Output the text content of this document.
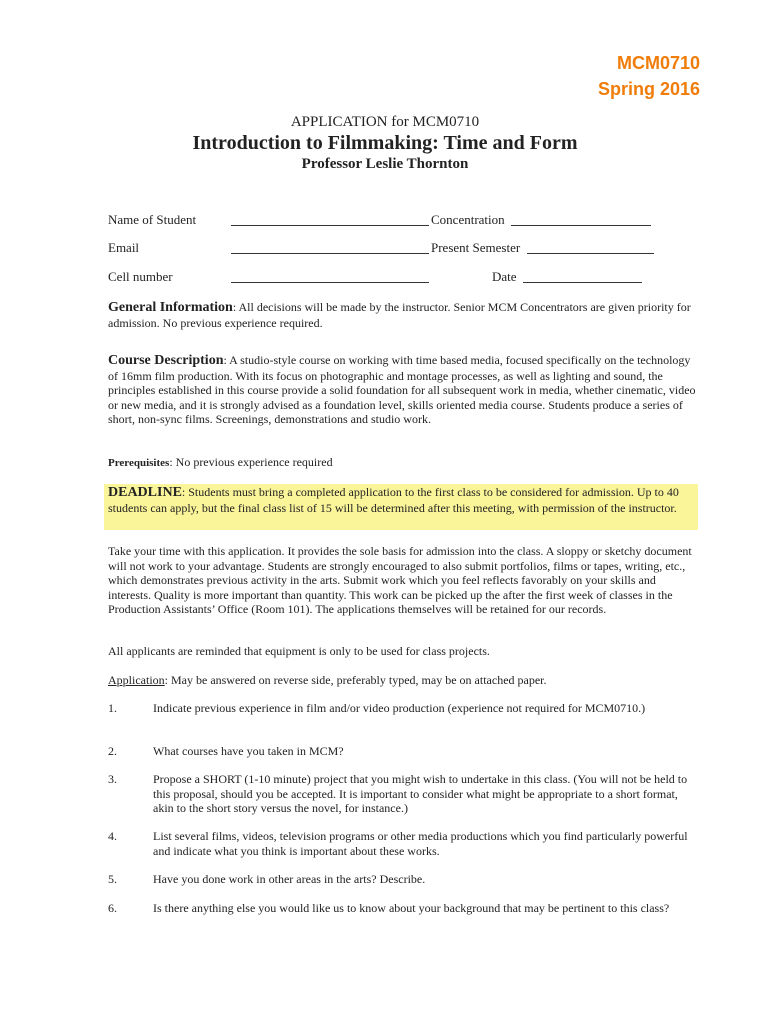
MCM0710
Spring 2016
APPLICATION for MCM0710
Introduction to Filmmaking: Time and Form
Professor Leslie Thornton
Name of Student	Concentration
Email	Present Semester
Cell number	Date
General Information: All decisions will be made by the instructor. Senior MCM Concentrators are given priority for admission. No previous experience required.
Course Description: A studio-style course on working with time based media, focused specifically on the technology of 16mm film production. With its focus on photographic and montage processes, as well as lighting and sound, the principles established in this course provide a solid foundation for all subsequent work in media, whether cinematic, video or new media, and it is strongly advised as a foundation level, skills oriented media course. Students produce a series of short, non-sync films. Screenings, demonstrations and studio work.
Prerequisites: No previous experience required
DEADLINE: Students must bring a completed application to the first class to be considered for admission. Up to 40 students can apply, but the final class list of 15 will be determined after this meeting, with permission of the instructor.
Take your time with this application. It provides the sole basis for admission into the class. A sloppy or sketchy document will not work to your advantage. Students are strongly encouraged to also submit portfolios, films or tapes, writing, etc., which demonstrates previous activity in the arts. Submit work which you feel reflects favorably on your skills and interests. Quality is more important than quantity. This work can be picked up the after the first week of classes in the Production Assistants’ Office (Room 101). The applications themselves will be retained for our records.
All applicants are reminded that equipment is only to be used for class projects.
Application: May be answered on reverse side, preferably typed, may be on attached paper.
1.	Indicate previous experience in film and/or video production (experience not required for MCM0710.)
2.	What courses have you taken in MCM?
3.	Propose a SHORT (1-10 minute) project that you might wish to undertake in this class. (You will not be held to this proposal, should you be accepted. It is important to consider what might be appropriate to a short format, akin to the short story versus the novel, for instance.)
4.	List several films, videos, television programs or other media productions which you find particularly powerful and indicate what you think is important about these works.
5.	Have you done work in other areas in the arts? Describe.
6.	Is there anything else you would like us to know about your background that may be pertinent to this class?
